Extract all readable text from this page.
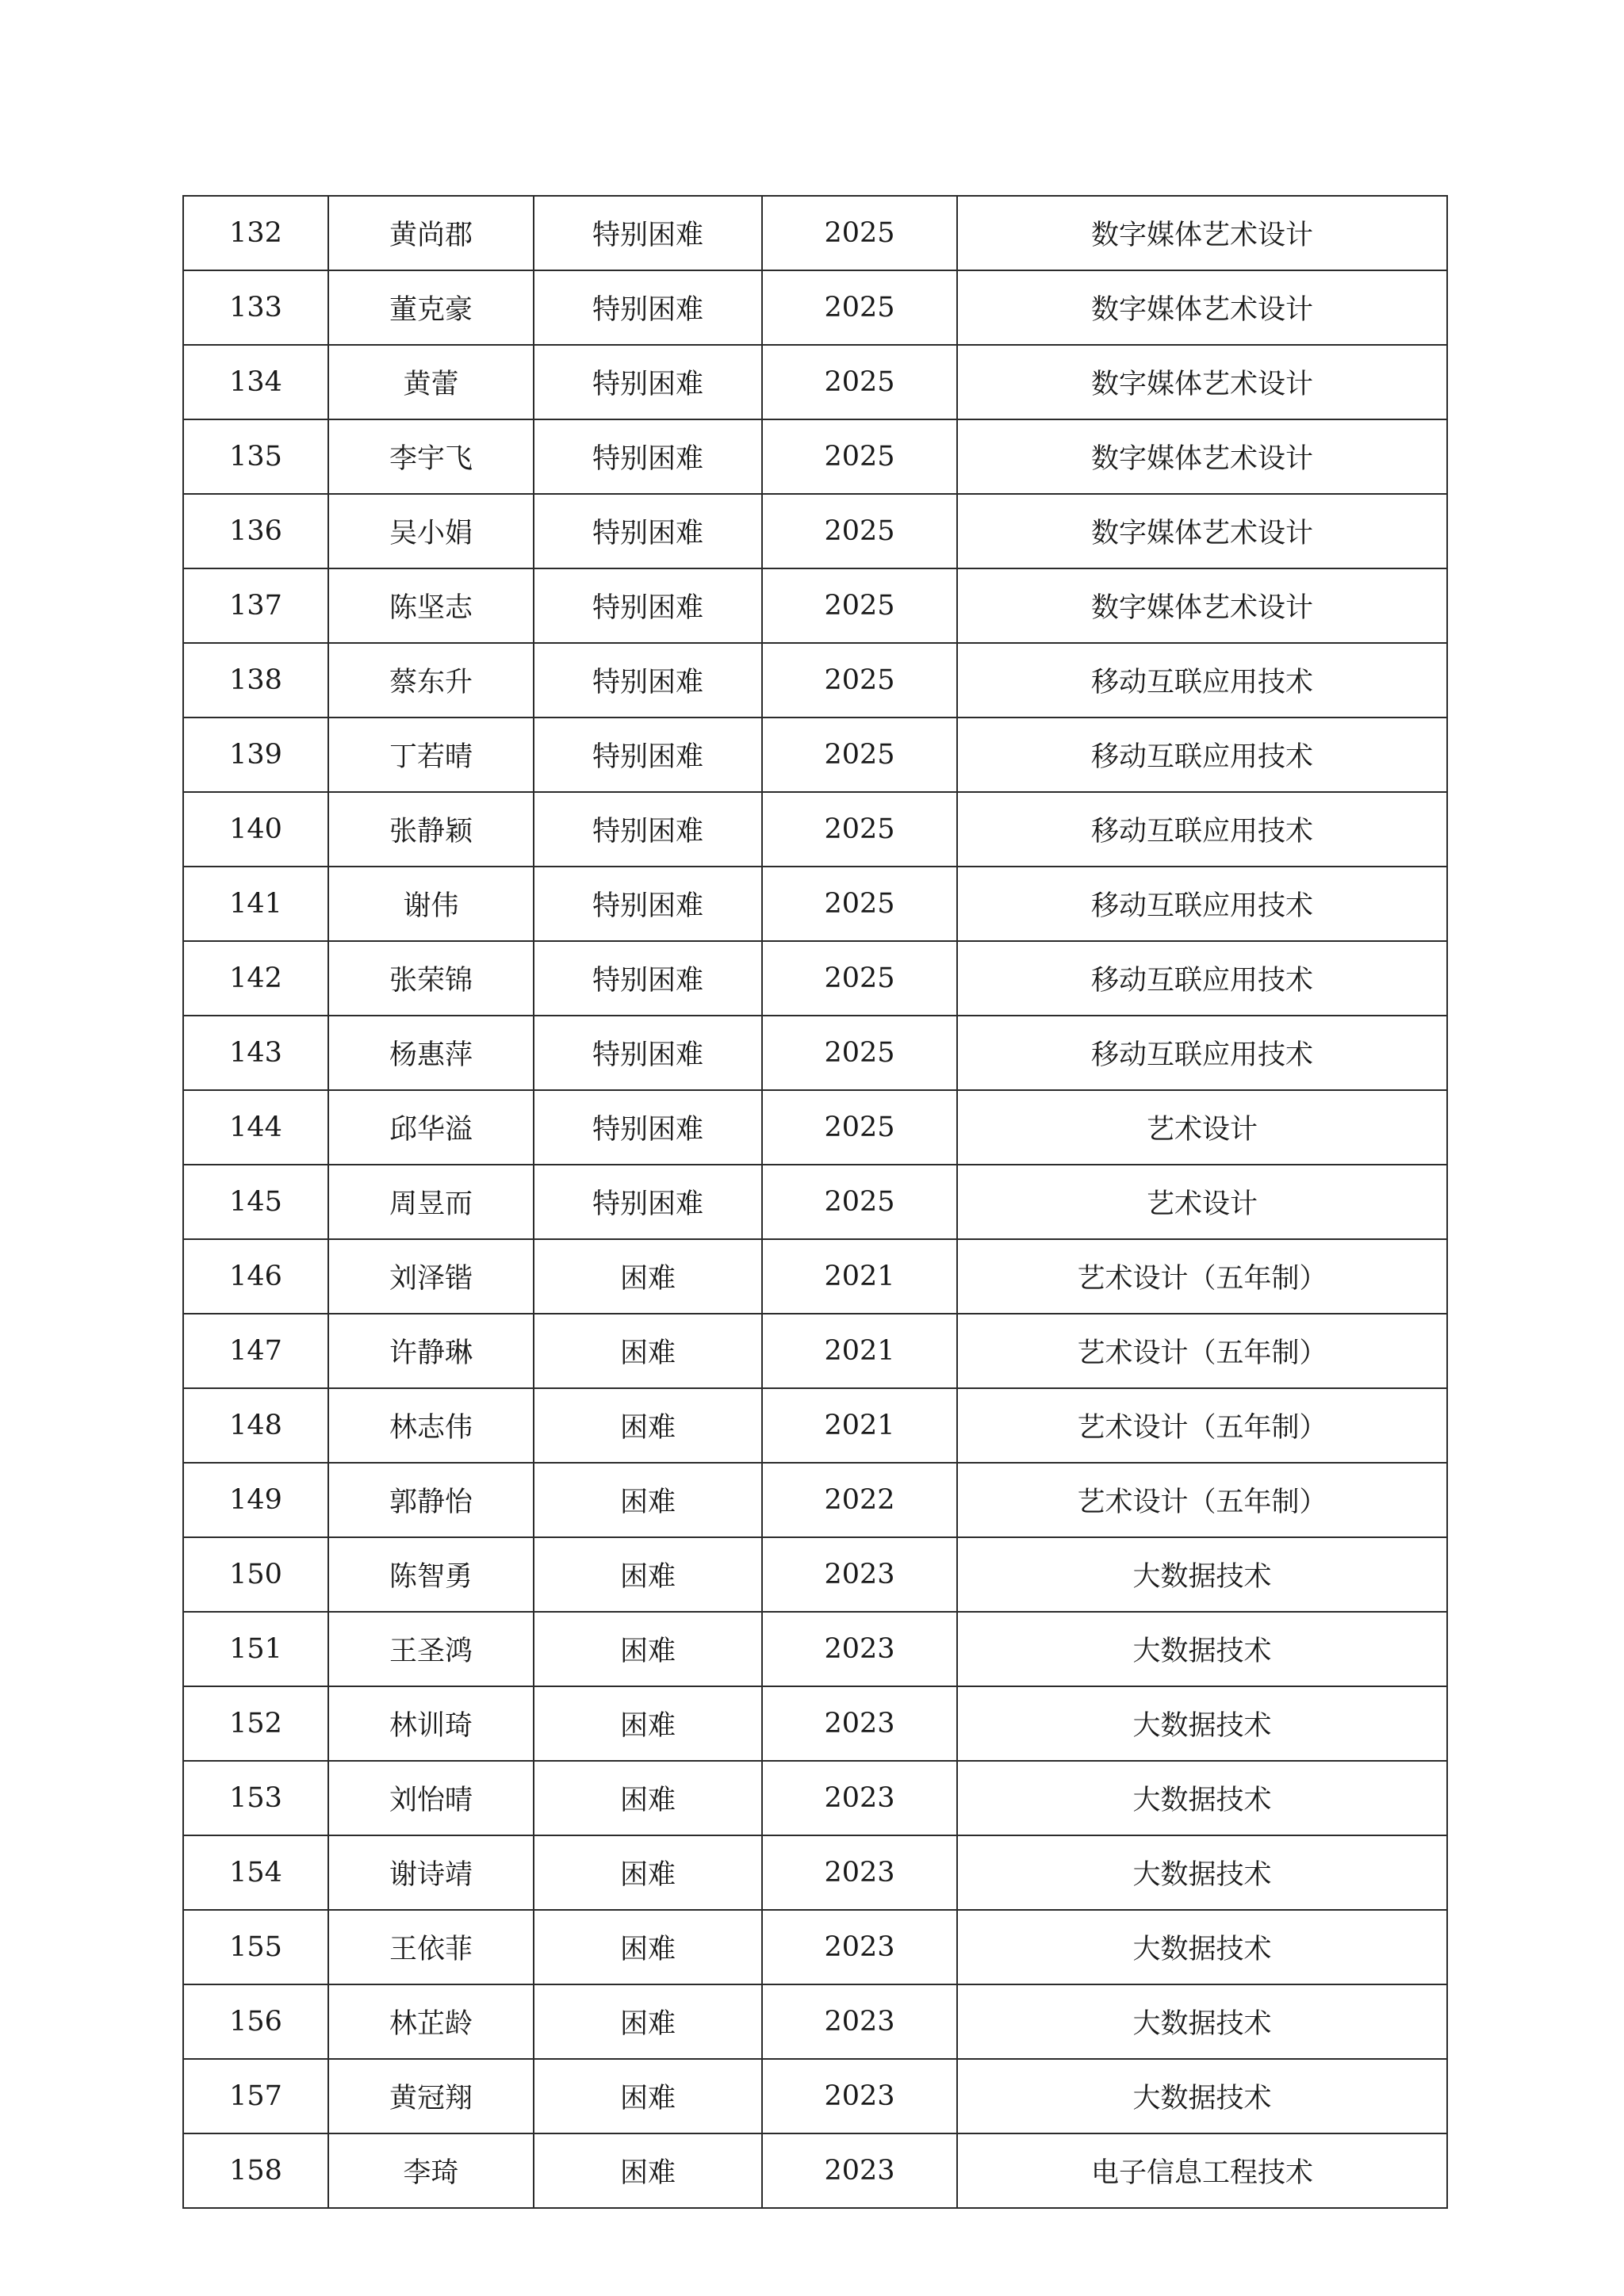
132	黄尚郡	特别困难	2025	数字媒体艺术设计
133	董克豪	特别困难	2025	数字媒体艺术设计
134	黄蕾	特别困难	2025	数字媒体艺术设计
135	李宇飞	特别困难	2025	数字媒体艺术设计
136	吴小娟	特别困难	2025	数字媒体艺术设计
137	陈坚志	特别困难	2025	数字媒体艺术设计
138	蔡东升	特别困难	2025	移动互联应用技术
139	丁若晴	特别困难	2025	移动互联应用技术
140	张静颖	特别困难	2025	移动互联应用技术
141	谢伟	特别困难	2025	移动互联应用技术
142	张荣锦	特别困难	2025	移动互联应用技术
143	杨惠萍	特别困难	2025	移动互联应用技术
144	邱华溢	特别困难	2025	艺术设计
145	周昱而	特别困难	2025	艺术设计
146	刘泽锴	困难	2021	艺术设计（五年制）
147	许静琳	困难	2021	艺术设计（五年制）
148	林志伟	困难	2021	艺术设计（五年制）
149	郭静怡	困难	2022	艺术设计（五年制）
150	陈智勇	困难	2023	大数据技术
151	王圣鸿	困难	2023	大数据技术
152	林训琦	困难	2023	大数据技术
153	刘怡晴	困难	2023	大数据技术
154	谢诗靖	困难	2023	大数据技术
155	王依菲	困难	2023	大数据技术
156	林芷龄	困难	2023	大数据技术
157	黄冠翔	困难	2023	大数据技术
158	李琦	困难	2023	电子信息工程技术
